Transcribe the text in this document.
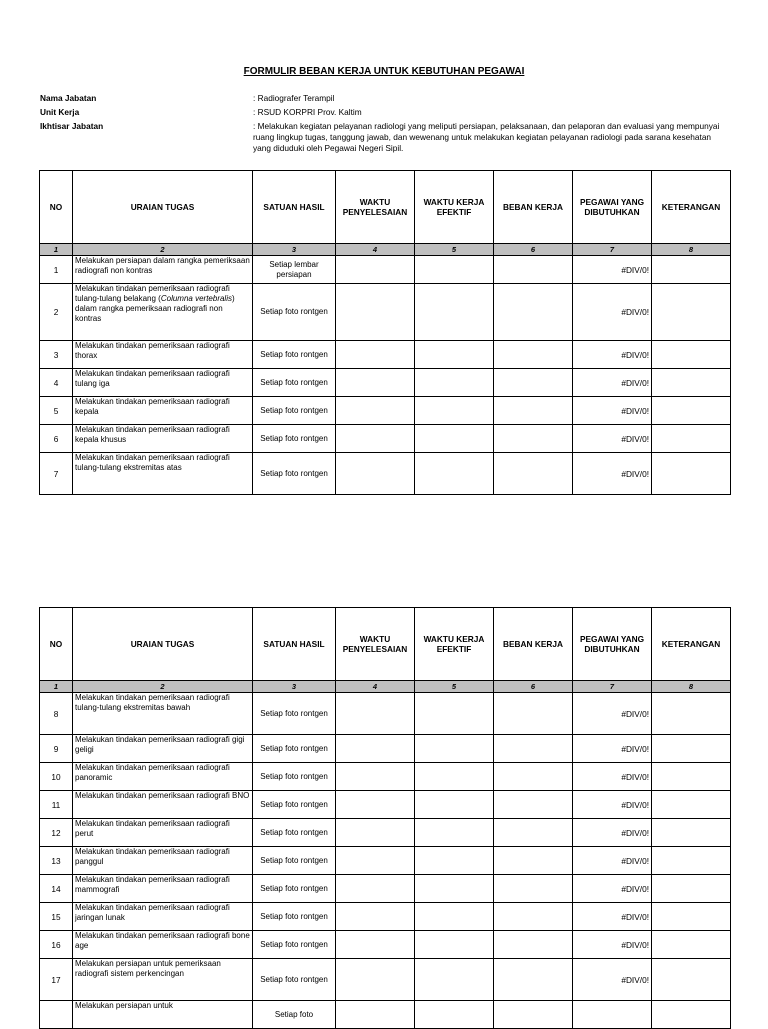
FORMULIR BEBAN KERJA UNTUK KEBUTUHAN PEGAWAI
Nama Jabatan	: Radiografer Terampil
Unit Kerja	: RSUD KORPRI Prov. Kaltim
Ikhtisar Jabatan	: Melakukan kegiatan pelayanan radiologi yang meliputi persiapan, pelaksanaan, dan pelaporan dan evaluasi yang mempunyai ruang lingkup tugas, tanggung jawab, dan wewenang untuk melakukan kegiatan pelayanan radiologi pada sarana kesehatan yang diduduki oleh Pegawai Negeri Sipil.
NO	URAIAN TUGAS	SATUAN HASIL	WAKTU PENYELESAIAN	WAKTU KERJA EFEKTIF	BEBAN KERJA	PEGAWAI YANG DIBUTUHKAN	KETERANGAN
1	2	3	4	5	6	7	8
1	Melakukan persiapan dalam rangka pemeriksaan radiografi non kontras	Setiap lembar persiapan				#DIV/0!	
2	Melakukan tindakan pemeriksaan radiografi tulang-tulang belakang (Columna vertebralis) dalam rangka pemeriksaan radiografi non kontras	Setiap foto rontgen				#DIV/0!	
3	Melakukan tindakan pemeriksaan radiografi thorax	Setiap foto rontgen				#DIV/0!	
4	Melakukan tindakan pemeriksaan radiografi tulang iga	Setiap foto rontgen				#DIV/0!	
5	Melakukan tindakan pemeriksaan radiografi kepala	Setiap foto rontgen				#DIV/0!	
6	Melakukan tindakan pemeriksaan radiografi kepala khusus	Setiap foto rontgen				#DIV/0!	
7	Melakukan tindakan pemeriksaan radiografi tulang-tulang ekstremitas atas	Setiap foto rontgen				#DIV/0!	
NO	URAIAN TUGAS	SATUAN HASIL	WAKTU PENYELESAIAN	WAKTU KERJA EFEKTIF	BEBAN KERJA	PEGAWAI YANG DIBUTUHKAN	KETERANGAN
1	2	3	4	5	6	7	8
8	Melakukan tindakan pemeriksaan radiografi tulang-tulang ekstremitas bawah	Setiap foto rontgen				#DIV/0!	
9	Melakukan tindakan pemeriksaan radiografi gigi geligi	Setiap foto rontgen				#DIV/0!	
10	Melakukan tindakan pemeriksaan radiografi panoramic	Setiap foto rontgen				#DIV/0!	
11	Melakukan tindakan pemeriksaan radiografi BNO	Setiap foto rontgen				#DIV/0!	
12	Melakukan tindakan pemeriksaan radiografi perut	Setiap foto rontgen				#DIV/0!	
13	Melakukan tindakan pemeriksaan radiografi panggul	Setiap foto rontgen				#DIV/0!	
14	Melakukan tindakan pemeriksaan radiografi mammografi	Setiap foto rontgen				#DIV/0!	
15	Melakukan tindakan pemeriksaan radiografi jaringan lunak	Setiap foto rontgen				#DIV/0!	
16	Melakukan tindakan pemeriksaan radiografi bone age	Setiap foto rontgen				#DIV/0!	
17	Melakukan persiapan untuk pemeriksaan radiografi sistem perkencingan	Setiap foto rontgen				#DIV/0!	
	Melakukan persiapan untuk	Setiap foto					
